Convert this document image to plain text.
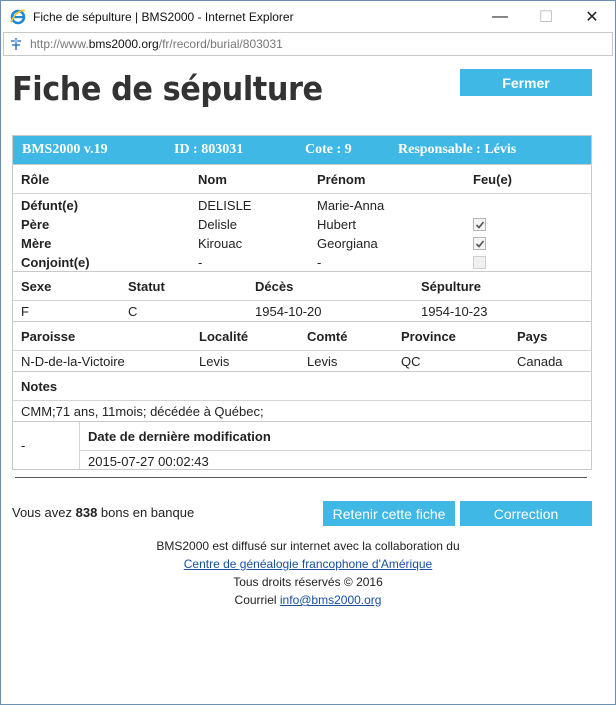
Fiche de sépulture | BMS2000 - Internet Explorer	—	☐	✕
http://www.bms2000.org/fr/record/burial/803031
Fiche de sépulture	Fermer
BMS2000 v.19	ID : 803031	Cote : 9	Responsable : Lévis
Rôle	Nom	Prénom	Feu(e)
Défunt(e)	DELISLE	Marie-Anna
Père	Delisle	Hubert
Mère	Kirouac	Georgiana
Conjoint(e)	-	-
Sexe	Statut	Décès	Sépulture
F	C	1954-10-20	1954-10-23
Paroisse	Localité	Comté	Province	Pays
N-D-de-la-Victoire	Levis	Levis	QC	Canada
Notes
CMM;71 ans, 11mois; décédée à Québec;
-
Date de dernière modification
2015-07-27 00:02:43
Vous avez 838 bons en banque	Retenir cette fiche	Correction
BMS2000 est diffusé sur internet avec la collaboration du
Centre de généalogie francophone d'Amérique
Tous droits réservés © 2016
Courriel info@bms2000.org
